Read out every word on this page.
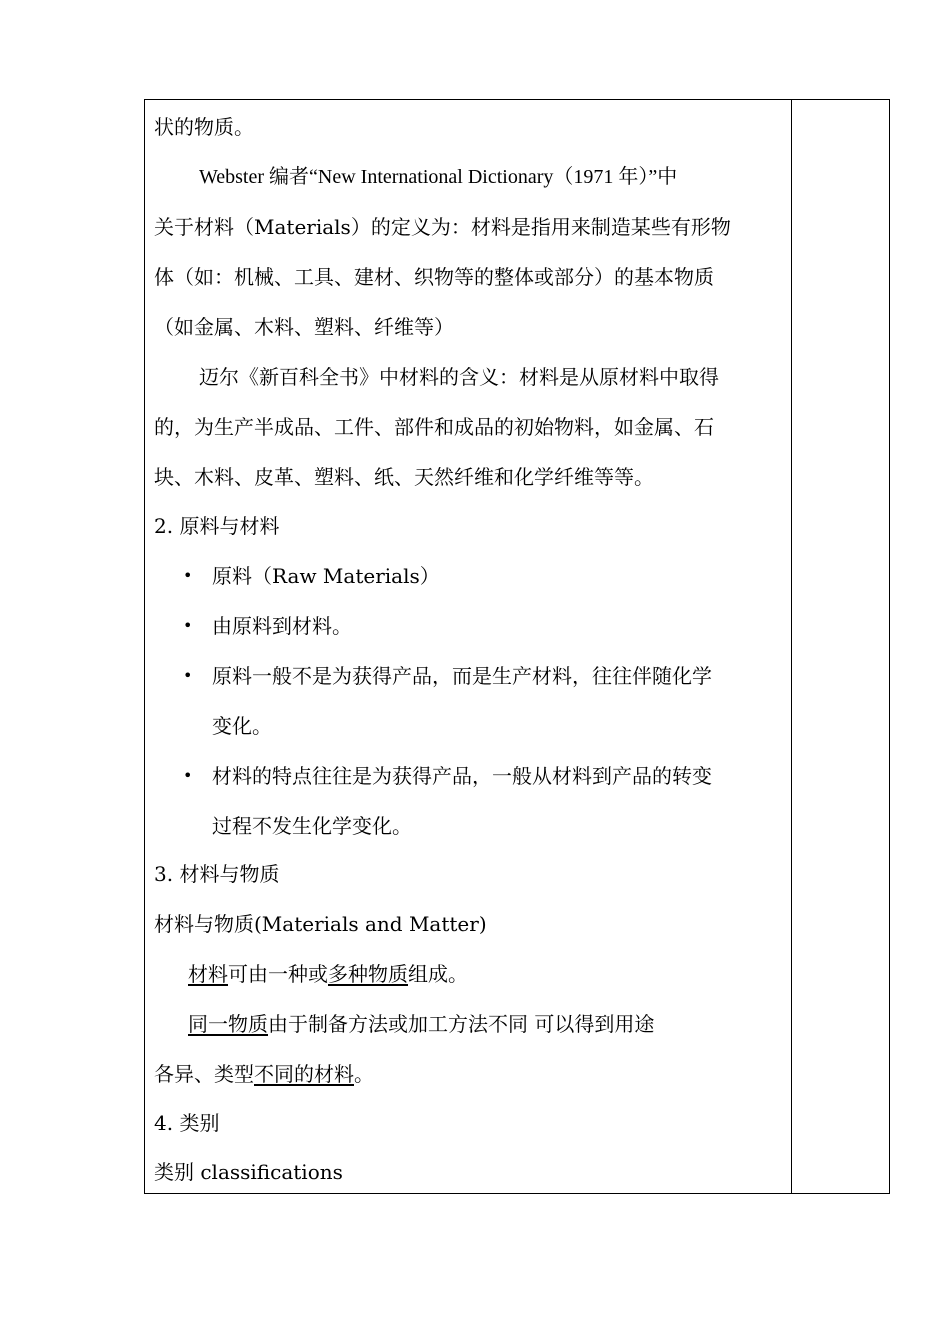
状的物质。
Webster 编者“New International Dictionary（1971 年）”中
关于材料（Materials）的定义为：材料是指用来制造某些有形物
体（如：机械、工具、建材、织物等的整体或部分）的基本物质
（如金属、木料、塑料、纤维等）
迈尔《新百科全书》中材料的含义：材料是从原材料中取得
的，为生产半成品、工件、部件和成品的初始物料，如金属、石
块、木料、皮革、塑料、纸、天然纤维和化学纤维等等。
2. 原料与材料
• 原料（Raw Materials）
• 由原料到材料。
• 原料一般不是为获得产品，而是生产材料，往往伴随化学
变化。
• 材料的特点往往是为获得产品，一般从材料到产品的转变
过程不发生化学变化。
3. 材料与物质
材料与物质(Materials and Matter)
材料可由一种或多种物质组成。
同一物质由于制备方法或加工方法不同 可以得到用途
各异、类型不同的材料。
4. 类别
类别 classifications
